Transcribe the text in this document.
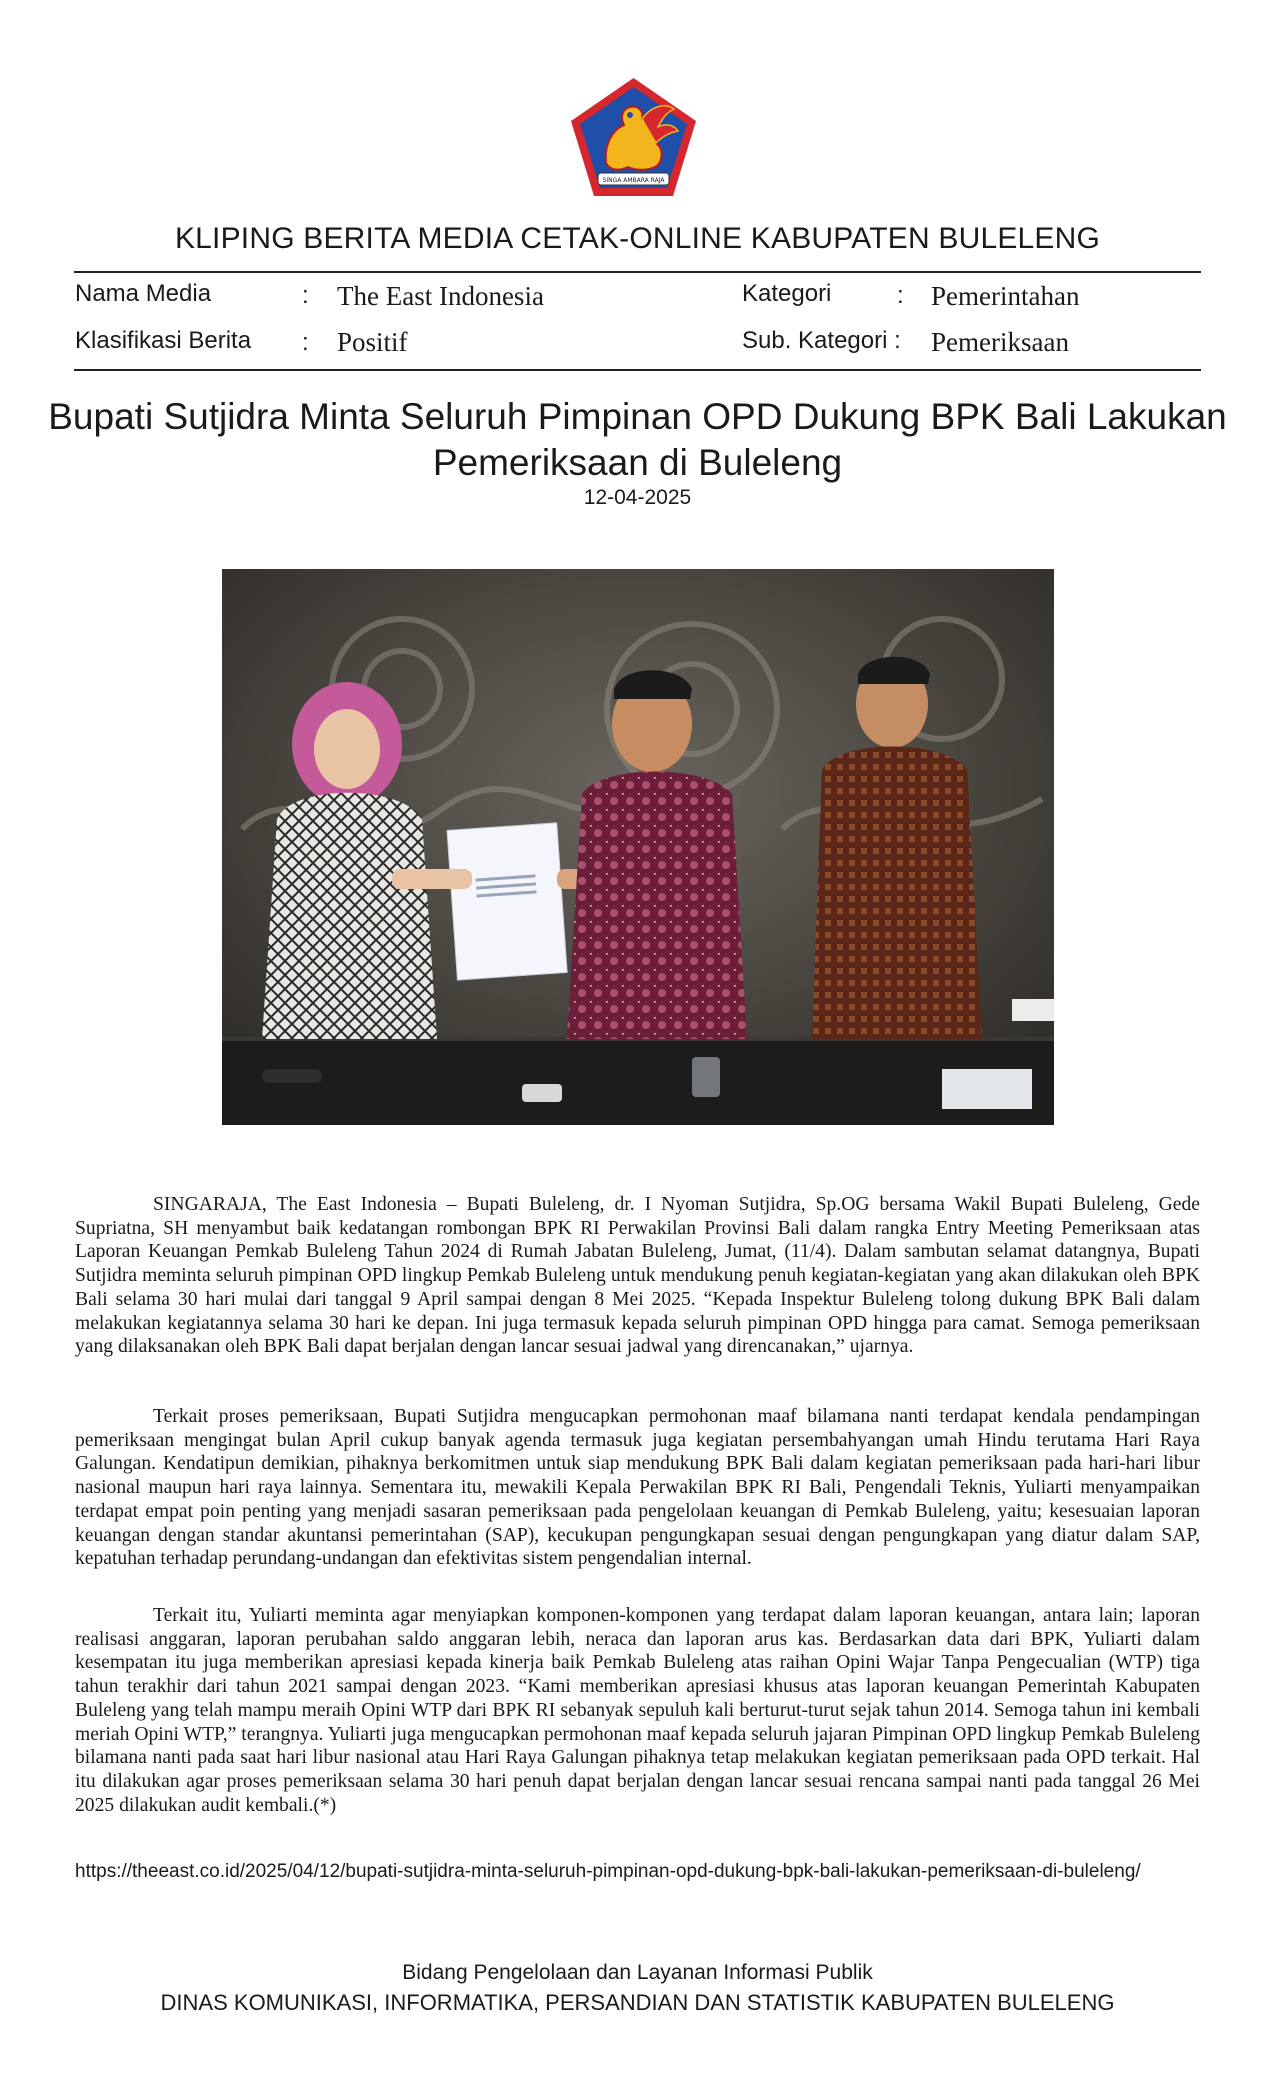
SINGA AMBARA RAJA
KLIPING BERITA MEDIA CETAK-ONLINE KABUPATEN BULELENG
Nama Media	: The East Indonesia
Klasifikasi Berita : Positif
Kategori	: Pemerintahan
Sub. Kategori : Pemeriksaan
Bupati Sutjidra Minta Seluruh Pimpinan OPD Dukung BPK Bali Lakukan Pemeriksaan di Buleleng
12-04-2025

SINGARAJA, The East Indonesia – Bupati Buleleng, dr. I Nyoman Sutjidra, Sp.OG bersama Wakil Bupati Buleleng, Gede Supriatna, SH menyambut baik kedatangan rombongan BPK RI Perwakilan Provinsi Bali dalam rangka Entry Meeting Pemeriksaan atas Laporan Keuangan Pemkab Buleleng Tahun 2024 di Rumah Jabatan Buleleng, Jumat, (11/4). Dalam sambutan selamat datangnya, Bupati Sutjidra meminta seluruh pimpinan OPD lingkup Pemkab Buleleng untuk mendukung penuh kegiatan-kegiatan yang akan dilakukan oleh BPK Bali selama 30 hari mulai dari tanggal 9 April sampai dengan 8 Mei 2025. “Kepada Inspektur Buleleng tolong dukung BPK Bali dalam melakukan kegiatannya selama 30 hari ke depan. Ini juga termasuk kepada seluruh pimpinan OPD hingga para camat. Semoga pemeriksaan yang dilaksanakan oleh BPK Bali dapat berjalan dengan lancar sesuai jadwal yang direncanakan,” ujarnya.

Terkait proses pemeriksaan, Bupati Sutjidra mengucapkan permohonan maaf bilamana nanti terdapat kendala pendampingan pemeriksaan mengingat bulan April cukup banyak agenda termasuk juga kegiatan persembahyangan umah Hindu terutama Hari Raya Galungan. Kendatipun demikian, pihaknya berkomitmen untuk siap mendukung BPK Bali dalam kegiatan pemeriksaan pada hari-hari libur nasional maupun hari raya lainnya. Sementara itu, mewakili Kepala Perwakilan BPK RI Bali, Pengendali Teknis, Yuliarti menyampaikan terdapat empat poin penting yang menjadi sasaran pemeriksaan pada pengelolaan keuangan di Pemkab Buleleng, yaitu; kesesuaian laporan keuangan dengan standar akuntansi pemerintahan (SAP), kecukupan pengungkapan sesuai dengan pengungkapan yang diatur dalam SAP, kepatuhan terhadap perundang-undangan dan efektivitas sistem pengendalian internal.

Terkait itu, Yuliarti meminta agar menyiapkan komponen-komponen yang terdapat dalam laporan keuangan, antara lain; laporan realisasi anggaran, laporan perubahan saldo anggaran lebih, neraca dan laporan arus kas. Berdasarkan data dari BPK, Yuliarti dalam kesempatan itu juga memberikan apresiasi kepada kinerja baik Pemkab Buleleng atas raihan Opini Wajar Tanpa Pengecualian (WTP) tiga tahun terakhir dari tahun 2021 sampai dengan 2023. “Kami memberikan apresiasi khusus atas laporan keuangan Pemerintah Kabupaten Buleleng yang telah mampu meraih Opini WTP dari BPK RI sebanyak sepuluh kali berturut-turut sejak tahun 2014. Semoga tahun ini kembali meriah Opini WTP,” terangnya. Yuliarti juga mengucapkan permohonan maaf kepada seluruh jajaran Pimpinan OPD lingkup Pemkab Buleleng bilamana nanti pada saat hari libur nasional atau Hari Raya Galungan pihaknya tetap melakukan kegiatan pemeriksaan pada OPD terkait. Hal itu dilakukan agar proses pemeriksaan selama 30 hari penuh dapat berjalan dengan lancar sesuai rencana sampai nanti pada tanggal 26 Mei 2025 dilakukan audit kembali.(*)

https://theeast.co.id/2025/04/12/bupati-sutjidra-minta-seluruh-pimpinan-opd-dukung-bpk-bali-lakukan-pemeriksaan-di-buleleng/
Bidang Pengelolaan dan Layanan Informasi Publik
DINAS KOMUNIKASI, INFORMATIKA, PERSANDIAN DAN STATISTIK KABUPATEN BULELENG
